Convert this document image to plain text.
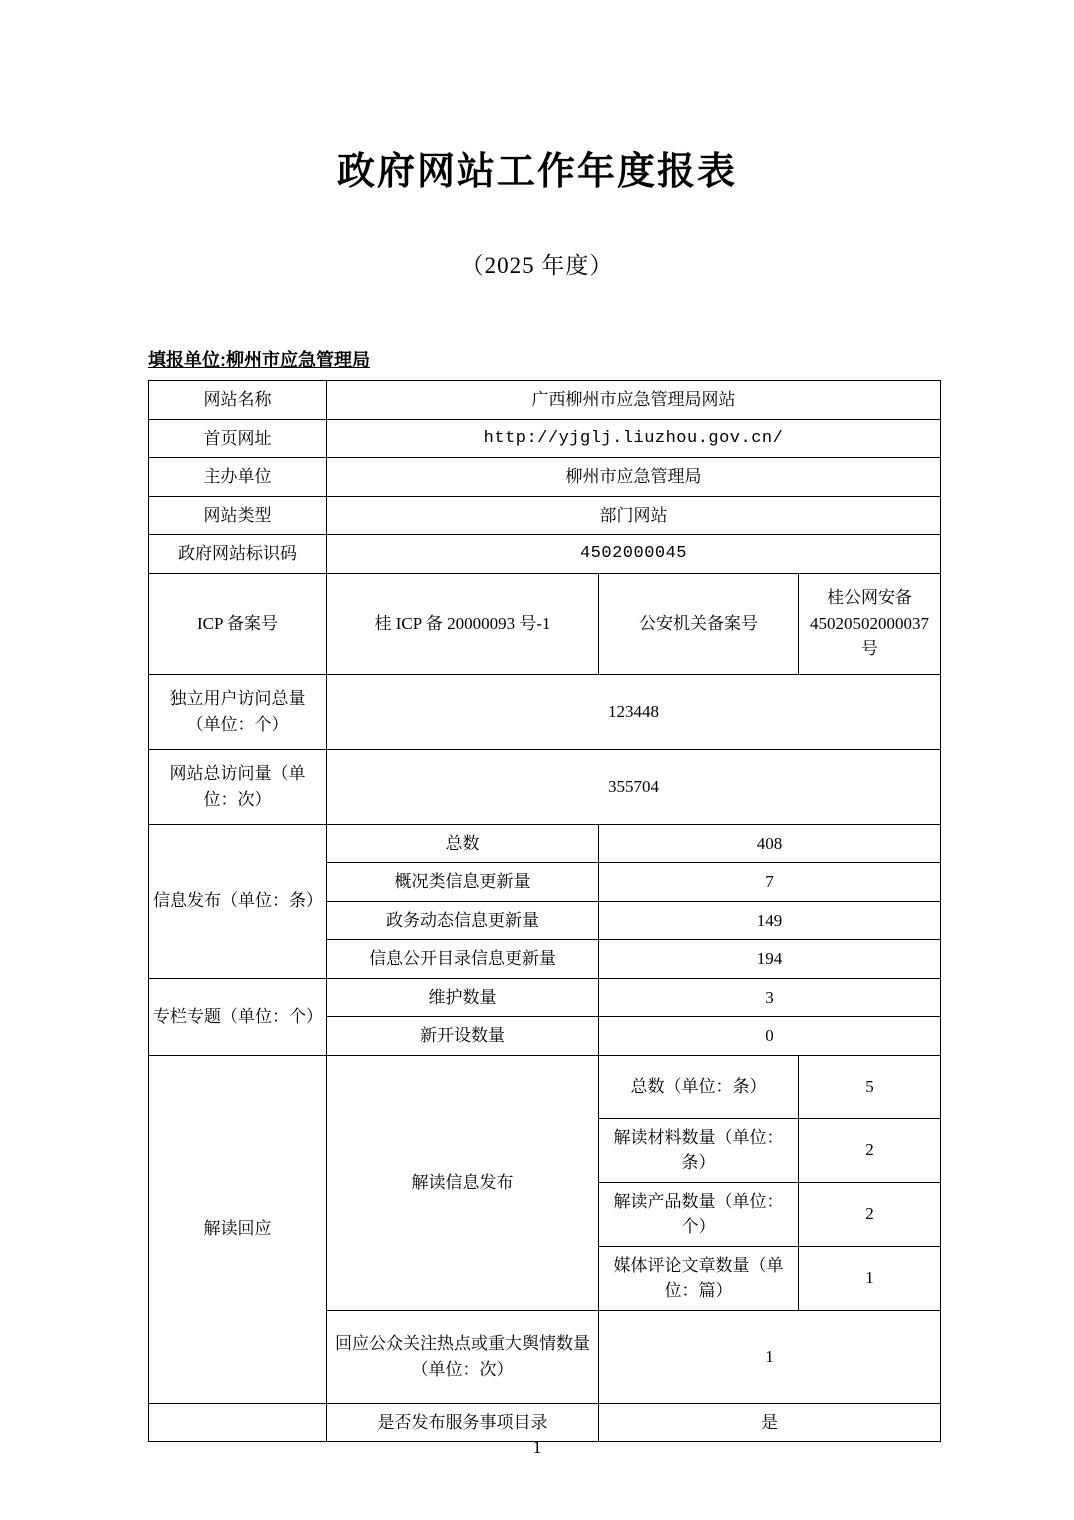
政府网站工作年度报表
（2025 年度）
填报单位:柳州市应急管理局
网站名称	广西柳州市应急管理局网站		
首页网址	http://yjglj.liuzhou.gov.cn/		
主办单位	柳州市应急管理局		
网站类型	部门网站		
政府网站标识码	4502000045		
ICP 备案号	桂 ICP 备 20000093 号-1	公安机关备案号	桂公网安备 45020502000037 号
独立用户访问总量（单位：个）	123448		
网站总访问量（单位：次）	355704		
信息发布（单位：条）	总数	408	
	概况类信息更新量	7	
	政务动态信息更新量	149	
	信息公开目录信息更新量	194	
专栏专题（单位：个）	维护数量	3	
	新开设数量	0	
解读回应	解读信息发布	总数（单位：条）	5
		解读材料数量（单位：条）	2
		解读产品数量（单位：个）	2
		媒体评论文章数量（单位：篇）	1
	回应公众关注热点或重大舆情数量（单位：次）	1	
	是否发布服务事项目录	是	
1
